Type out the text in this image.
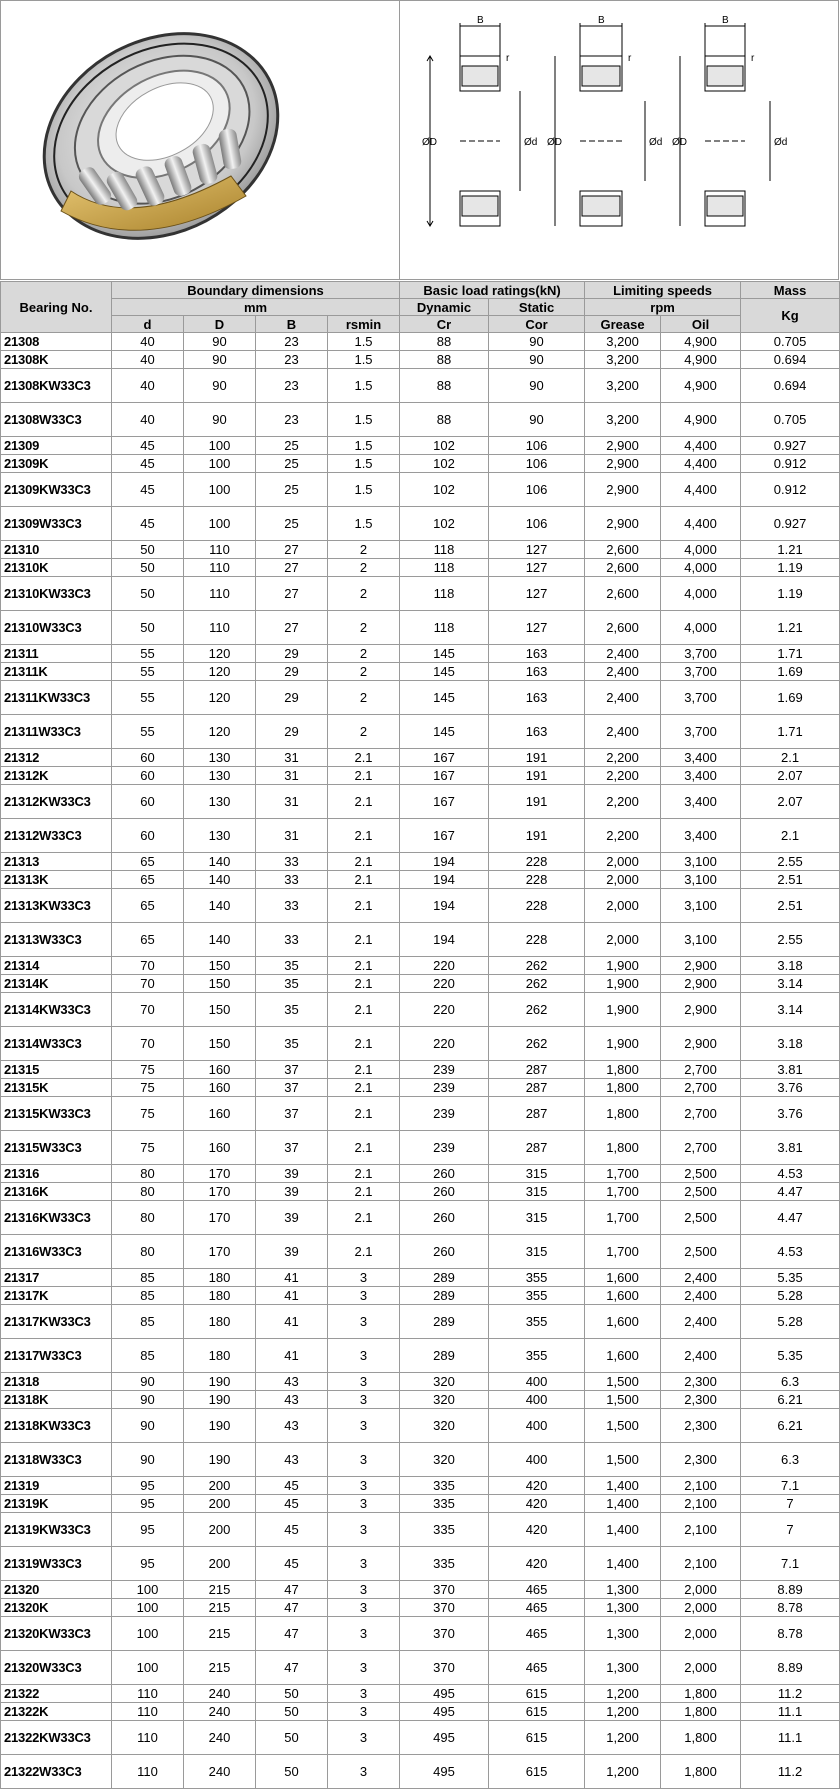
B
r
ØD	Ød
B
r
ØD	Ød
B
r
ØD	Ød
Bearing No.	Boundary dimensions				Basic load ratings(kN)		Limiting speeds		Mass
	mm				Dynamic	Static	rpm		Kg
	d	D	B	rsmin	Cr	Cor	Grease	Oil	
21308	40	90	23	1.5	88	90	3,200	4,900	0.705
21308K	40	90	23	1.5	88	90	3,200	4,900	0.694
21308KW33C3	40	90	23	1.5	88	90	3,200	4,900	0.694
21308W33C3	40	90	23	1.5	88	90	3,200	4,900	0.705
21309	45	100	25	1.5	102	106	2,900	4,400	0.927
21309K	45	100	25	1.5	102	106	2,900	4,400	0.912
21309KW33C3	45	100	25	1.5	102	106	2,900	4,400	0.912
21309W33C3	45	100	25	1.5	102	106	2,900	4,400	0.927
21310	50	110	27	2	118	127	2,600	4,000	1.21
21310K	50	110	27	2	118	127	2,600	4,000	1.19
21310KW33C3	50	110	27	2	118	127	2,600	4,000	1.19
21310W33C3	50	110	27	2	118	127	2,600	4,000	1.21
21311	55	120	29	2	145	163	2,400	3,700	1.71
21311K	55	120	29	2	145	163	2,400	3,700	1.69
21311KW33C3	55	120	29	2	145	163	2,400	3,700	1.69
21311W33C3	55	120	29	2	145	163	2,400	3,700	1.71
21312	60	130	31	2.1	167	191	2,200	3,400	2.1
21312K	60	130	31	2.1	167	191	2,200	3,400	2.07
21312KW33C3	60	130	31	2.1	167	191	2,200	3,400	2.07
21312W33C3	60	130	31	2.1	167	191	2,200	3,400	2.1
21313	65	140	33	2.1	194	228	2,000	3,100	2.55
21313K	65	140	33	2.1	194	228	2,000	3,100	2.51
21313KW33C3	65	140	33	2.1	194	228	2,000	3,100	2.51
21313W33C3	65	140	33	2.1	194	228	2,000	3,100	2.55
21314	70	150	35	2.1	220	262	1,900	2,900	3.18
21314K	70	150	35	2.1	220	262	1,900	2,900	3.14
21314KW33C3	70	150	35	2.1	220	262	1,900	2,900	3.14
21314W33C3	70	150	35	2.1	220	262	1,900	2,900	3.18
21315	75	160	37	2.1	239	287	1,800	2,700	3.81
21315K	75	160	37	2.1	239	287	1,800	2,700	3.76
21315KW33C3	75	160	37	2.1	239	287	1,800	2,700	3.76
21315W33C3	75	160	37	2.1	239	287	1,800	2,700	3.81
21316	80	170	39	2.1	260	315	1,700	2,500	4.53
21316K	80	170	39	2.1	260	315	1,700	2,500	4.47
21316KW33C3	80	170	39	2.1	260	315	1,700	2,500	4.47
21316W33C3	80	170	39	2.1	260	315	1,700	2,500	4.53
21317	85	180	41	3	289	355	1,600	2,400	5.35
21317K	85	180	41	3	289	355	1,600	2,400	5.28
21317KW33C3	85	180	41	3	289	355	1,600	2,400	5.28
21317W33C3	85	180	41	3	289	355	1,600	2,400	5.35
21318	90	190	43	3	320	400	1,500	2,300	6.3
21318K	90	190	43	3	320	400	1,500	2,300	6.21
21318KW33C3	90	190	43	3	320	400	1,500	2,300	6.21
21318W33C3	90	190	43	3	320	400	1,500	2,300	6.3
21319	95	200	45	3	335	420	1,400	2,100	7.1
21319K	95	200	45	3	335	420	1,400	2,100	7
21319KW33C3	95	200	45	3	335	420	1,400	2,100	7
21319W33C3	95	200	45	3	335	420	1,400	2,100	7.1
21320	100	215	47	3	370	465	1,300	2,000	8.89
21320K	100	215	47	3	370	465	1,300	2,000	8.78
21320KW33C3	100	215	47	3	370	465	1,300	2,000	8.78
21320W33C3	100	215	47	3	370	465	1,300	2,000	8.89
21322	110	240	50	3	495	615	1,200	1,800	11.2
21322K	110	240	50	3	495	615	1,200	1,800	11.1
21322KW33C3	110	240	50	3	495	615	1,200	1,800	11.1
21322W33C3	110	240	50	3	495	615	1,200	1,800	11.2
